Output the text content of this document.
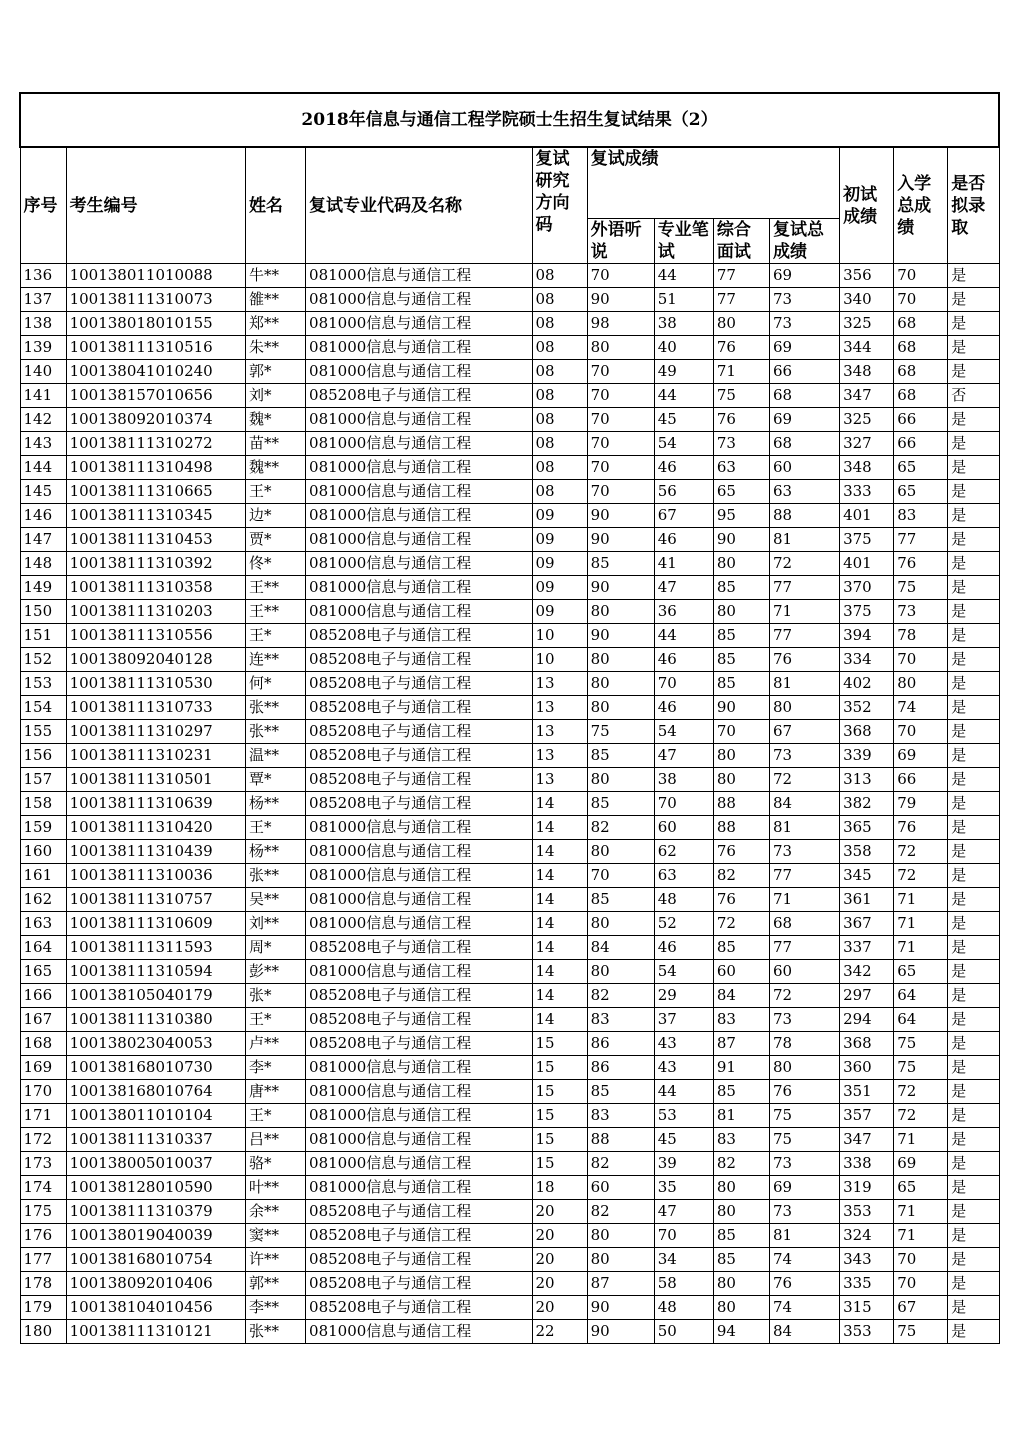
2018年信息与通信工程学院硕士生招生复试结果（2）											
序号	考生编号	姓名	复试专业代码及名称	复试研究方向码	复试成绩				初试成绩	入学总成绩	是否拟录取
					外语听说	专业笔试	综合面试	复试总成绩			
136	100138011010088	牛**	081000信息与通信工程	08	70	44	77	69	356	70	是
137	100138111310073	雒**	081000信息与通信工程	08	90	51	77	73	340	70	是
138	100138018010155	郑**	081000信息与通信工程	08	98	38	80	73	325	68	是
139	100138111310516	朱**	081000信息与通信工程	08	80	40	76	69	344	68	是
140	100138041010240	郭*	081000信息与通信工程	08	70	49	71	66	348	68	是
141	100138157010656	刘*	085208电子与通信工程	08	70	44	75	68	347	68	否
142	100138092010374	魏*	081000信息与通信工程	08	70	45	76	69	325	66	是
143	100138111310272	苗**	081000信息与通信工程	08	70	54	73	68	327	66	是
144	100138111310498	魏**	081000信息与通信工程	08	70	46	63	60	348	65	是
145	100138111310665	王*	081000信息与通信工程	08	70	56	65	63	333	65	是
146	100138111310345	边*	081000信息与通信工程	09	90	67	95	88	401	83	是
147	100138111310453	贾*	081000信息与通信工程	09	90	46	90	81	375	77	是
148	100138111310392	佟*	081000信息与通信工程	09	85	41	80	72	401	76	是
149	100138111310358	王**	081000信息与通信工程	09	90	47	85	77	370	75	是
150	100138111310203	王**	081000信息与通信工程	09	80	36	80	71	375	73	是
151	100138111310556	王*	085208电子与通信工程	10	90	44	85	77	394	78	是
152	100138092040128	连**	085208电子与通信工程	10	80	46	85	76	334	70	是
153	100138111310530	何*	085208电子与通信工程	13	80	70	85	81	402	80	是
154	100138111310733	张**	085208电子与通信工程	13	80	46	90	80	352	74	是
155	100138111310297	张**	085208电子与通信工程	13	75	54	70	67	368	70	是
156	100138111310231	温**	085208电子与通信工程	13	85	47	80	73	339	69	是
157	100138111310501	覃*	085208电子与通信工程	13	80	38	80	72	313	66	是
158	100138111310639	杨**	085208电子与通信工程	14	85	70	88	84	382	79	是
159	100138111310420	王*	081000信息与通信工程	14	82	60	88	81	365	76	是
160	100138111310439	杨**	081000信息与通信工程	14	80	62	76	73	358	72	是
161	100138111310036	张**	081000信息与通信工程	14	70	63	82	77	345	72	是
162	100138111310757	吴**	081000信息与通信工程	14	85	48	76	71	361	71	是
163	100138111310609	刘**	081000信息与通信工程	14	80	52	72	68	367	71	是
164	100138111311593	周*	085208电子与通信工程	14	84	46	85	77	337	71	是
165	100138111310594	彭**	081000信息与通信工程	14	80	54	60	60	342	65	是
166	100138105040179	张*	085208电子与通信工程	14	82	29	84	72	297	64	是
167	100138111310380	王*	085208电子与通信工程	14	83	37	83	73	294	64	是
168	100138023040053	卢**	085208电子与通信工程	15	86	43	87	78	368	75	是
169	100138168010730	李*	081000信息与通信工程	15	86	43	91	80	360	75	是
170	100138168010764	唐**	081000信息与通信工程	15	85	44	85	76	351	72	是
171	100138011010104	王*	081000信息与通信工程	15	83	53	81	75	357	72	是
172	100138111310337	吕**	081000信息与通信工程	15	88	45	83	75	347	71	是
173	100138005010037	骆*	081000信息与通信工程	15	82	39	82	73	338	69	是
174	100138128010590	叶**	081000信息与通信工程	18	60	35	80	69	319	65	是
175	100138111310379	余**	085208电子与通信工程	20	82	47	80	73	353	71	是
176	100138019040039	窦**	085208电子与通信工程	20	80	70	85	81	324	71	是
177	100138168010754	许**	085208电子与通信工程	20	80	34	85	74	343	70	是
178	100138092010406	郭**	085208电子与通信工程	20	87	58	80	76	335	70	是
179	100138104010456	李**	085208电子与通信工程	20	90	48	80	74	315	67	是
180	100138111310121	张**	081000信息与通信工程	22	90	50	94	84	353	75	是
